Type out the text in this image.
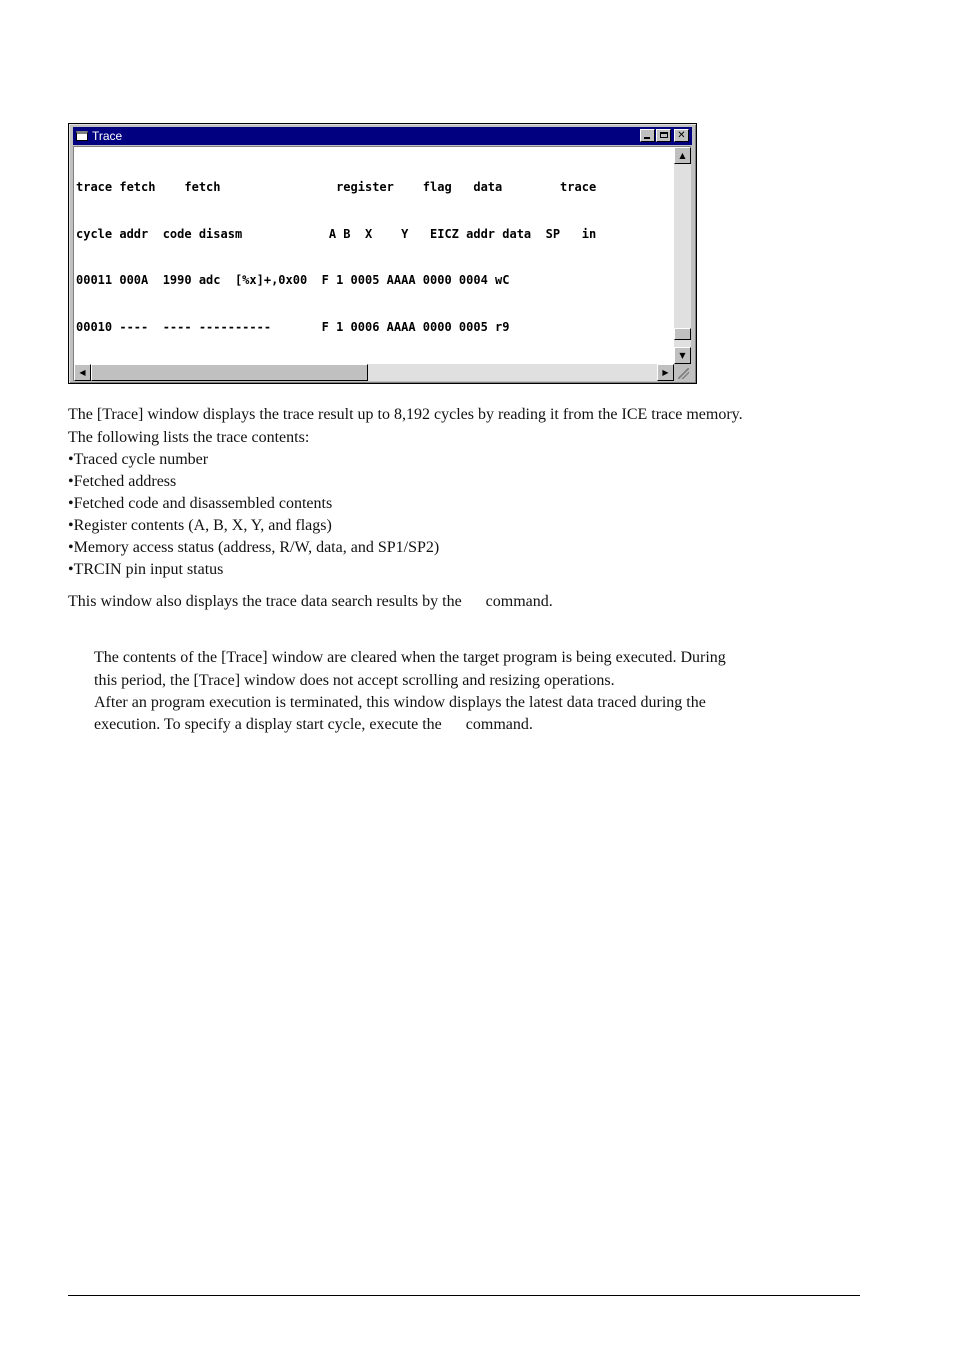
Trace	✕

trace fetch    fetch                register    flag   data        trace

cycle addr  code disasm            A B  X    Y   EICZ addr data  SP   in

00011 000A  1990 adc  [%x]+,0x00  F 1 0005 AAAA 0000 0004 wC

00010 ----  ---- ----------       F 1 0006 AAAA 0000 0005 r9

▲
▼
◀	▶

The [Trace] window displays the trace result up to 8,192 cycles by reading it from the ICE trace memory.

The following lists the trace contents:

• Traced cycle number
• Fetched address
• Fetched code and disassembled contents
• Register contents (A, B, X, Y, and flags)
• Memory access status (address, R/W, data, and SP1/SP2)
• TRCIN pin input status
This window also displays the trace data search results by the command.
The contents of the [Trace] window are cleared when the target program is being executed. During
this period, the [Trace] window does not accept scrolling and resizing operations.
After an program execution is terminated, this window displays the latest data traced during the
execution. To specify a display start cycle, execute the command.
